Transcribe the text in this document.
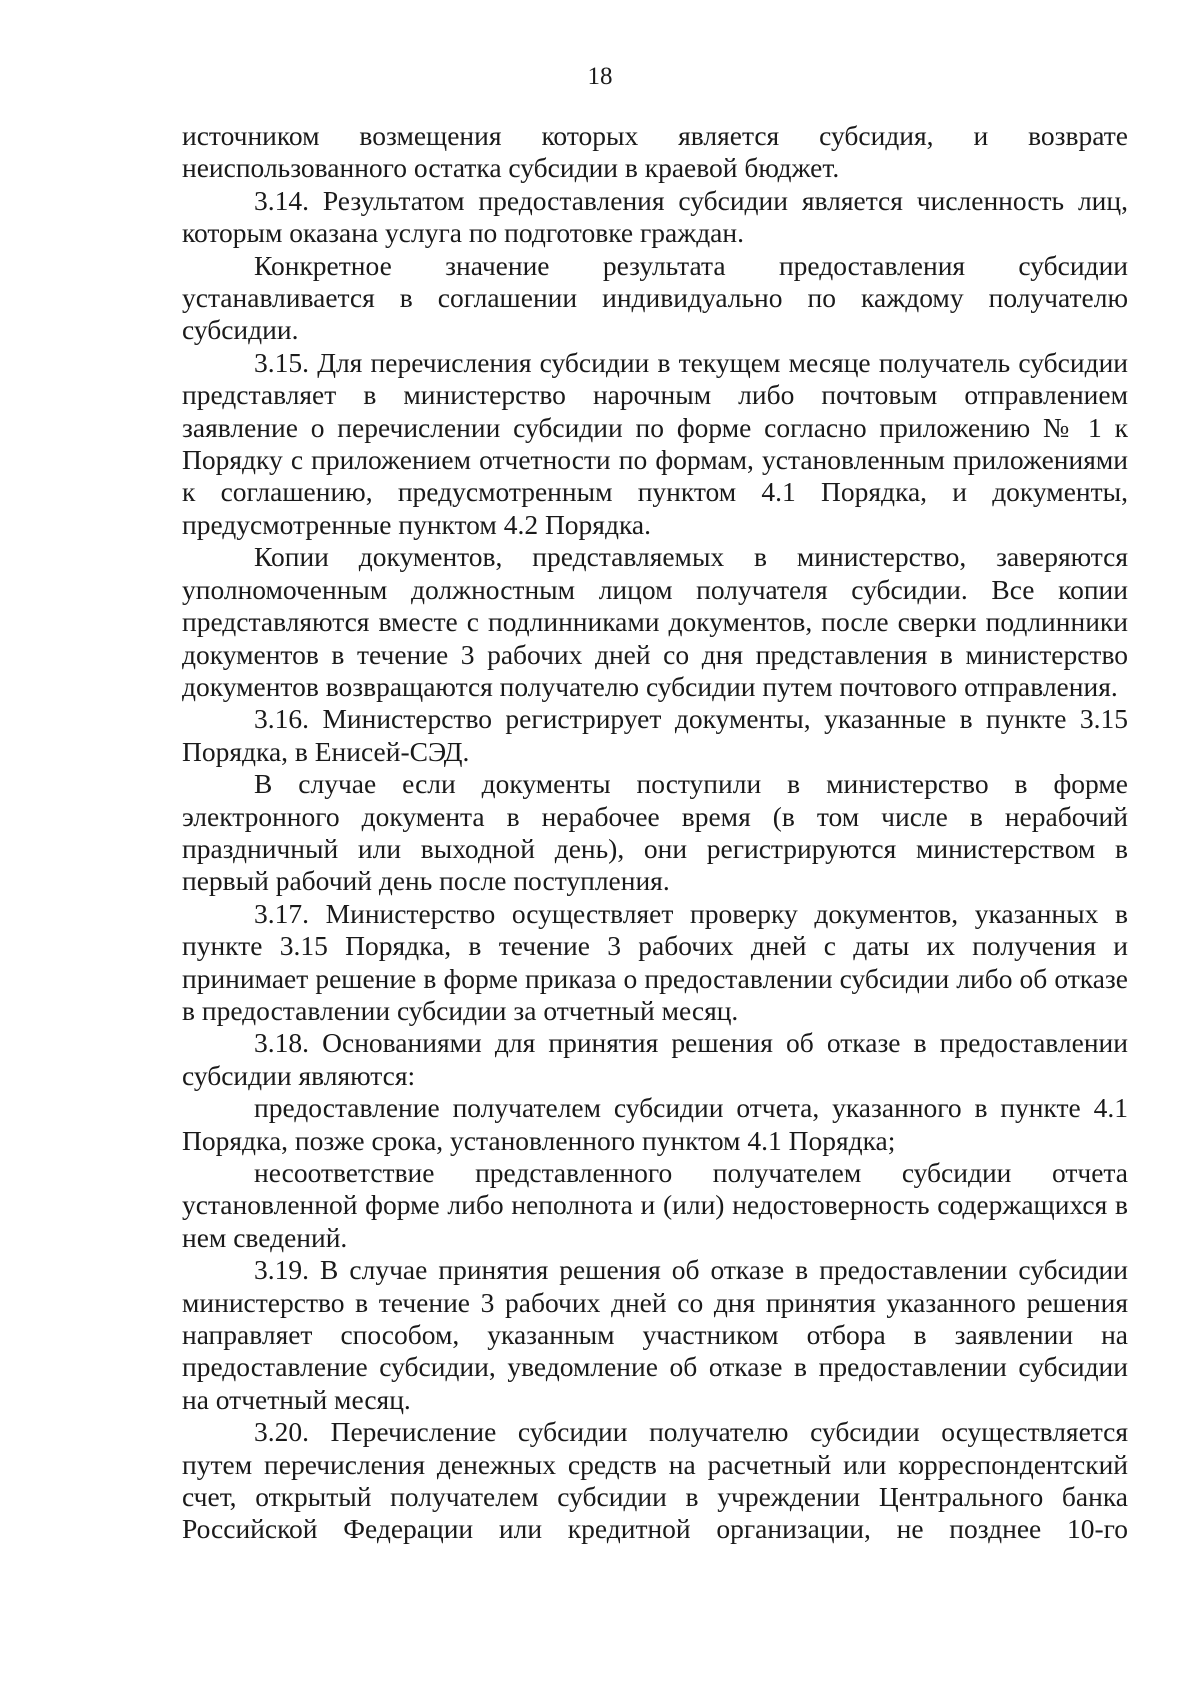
18

источником возмещения которых является субсидия, и возврате неиспользованного остатка субсидии в краевой бюджет.

3.14. Результатом предоставления субсидии является численность лиц, которым оказана услуга по подготовке граждан.

Конкретное значение результата предоставления субсидии устанавливается в соглашении индивидуально по каждому получателю субсидии.

3.15. Для перечисления субсидии в текущем месяце получатель субсидии представляет в министерство нарочным либо почтовым отправлением заявление о перечислении субсидии по форме согласно приложению № 1 к Порядку с приложением отчетности по формам, установленным приложениями к соглашению, предусмотренным пунктом 4.1 Порядка, и документы, предусмотренные пунктом 4.2 Порядка.

Копии документов, представляемых в министерство, заверяются уполномоченным должностным лицом получателя субсидии. Все копии представляются вместе с подлинниками документов, после сверки подлинники документов в течение 3 рабочих дней со дня представления в министерство документов возвращаются получателю субсидии путем почтового отправления.

3.16. Министерство регистрирует документы, указанные в пункте 3.15 Порядка, в Енисей-СЭД.

В случае если документы поступили в министерство в форме электронного документа в нерабочее время (в том числе в нерабочий праздничный или выходной день), они регистрируются министерством в первый рабочий день после поступления.

3.17. Министерство осуществляет проверку документов, указанных в пункте 3.15 Порядка, в течение 3 рабочих дней с даты их получения и принимает решение в форме приказа о предоставлении субсидии либо об отказе в предоставлении субсидии за отчетный месяц.

3.18. Основаниями для принятия решения об отказе в предоставлении субсидии являются:

предоставление получателем субсидии отчета, указанного в пункте 4.1 Порядка, позже срока, установленного пунктом 4.1 Порядка;

несоответствие представленного получателем субсидии отчета установленной форме либо неполнота и (или) недостоверность содержащихся в нем сведений.

3.19. В случае принятия решения об отказе в предоставлении субсидии министерство в течение 3 рабочих дней со дня принятия указанного решения направляет способом, указанным участником отбора в заявлении на предоставление субсидии, уведомление об отказе в предоставлении субсидии на отчетный месяц.

3.20. Перечисление субсидии получателю субсидии осуществляется путем перечисления денежных средств на расчетный или корреспондентский счет, открытый получателем субсидии в учреждении Центрального банка Российской Федерации или кредитной организации, не позднее 10-го
